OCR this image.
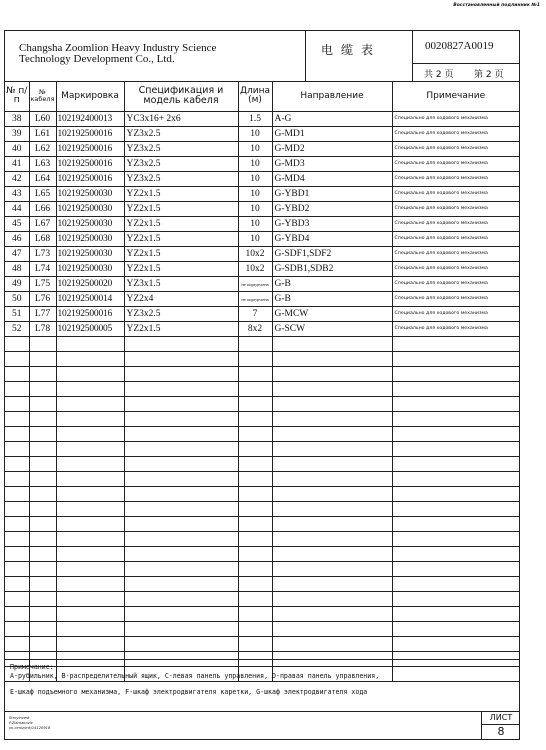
Восстановленный подлинник №1
Changsha Zoomlion Heavy Industry Science
Technology Development Co., Ltd.
电缆表	0020827A0019
共 2 页 第 2 页
№ п/п	№ кабеля	Маркировка	Спецификация и модель кабеля	Длина (м)	Направление	Примечание
38	L60	102192400013	YC3x16+ 2x6	1.5	A-G	Специально для ходового механизма
39	L61	102192500016	YZ3x2.5	10	G-MD1	Специально для ходового механизма
40	L62	102192500016	YZ3x2.5	10	G-MD2	Специально для ходового механизма
41	L63	102192500016	YZ3x2.5	10	G-MD3	Специально для ходового механизма
42	L64	102192500016	YZ3x2.5	10	G-MD4	Специально для ходового механизма
43	L65	102192500030	YZ2x1.5	10	G-YBD1	Специально для ходового механизма
44	L66	102192500030	YZ2x1.5	10	G-YBD2	Специально для ходового механизма
45	L67	102192500030	YZ2x1.5	10	G-YBD3	Специально для ходового механизма
46	L68	102192500030	YZ2x1.5	10	G-YBD4	Специально для ходового механизма
47	L73	102192500030	YZ2x1.5	10x2	G-SDF1,SDF2	Специально для ходового механизма
48	L74	102192500030	YZ2x1.5	10x2	G-SDB1,SDB2	Специально для ходового механизма
49	L75	102192500020	YZ3x1.5	не определена	G-B	Специально для ходового механизма
50	L76	102192500014	YZ2x4	не определена	G-B	Специально для ходового механизма
51	L77	102192500016	YZ3x2.5	7	G-MCW	Специально для ходового механизма
52	L78	102192500005	YZ2x1.5	8x2	G-SCW	Специально для ходового механизма

Примечание:
А-рубильник, В-распределительный ящик, С-левая панель управления, D-правая панель управления,
E-шкаф подъемного механизма, F-шкаф электродвигателя каретки, G-шкаф электродвигателя хода
Stroyinvest
P.Zlamanovic
vn.ceniz/mk/14120918
ЛИСТ
8
